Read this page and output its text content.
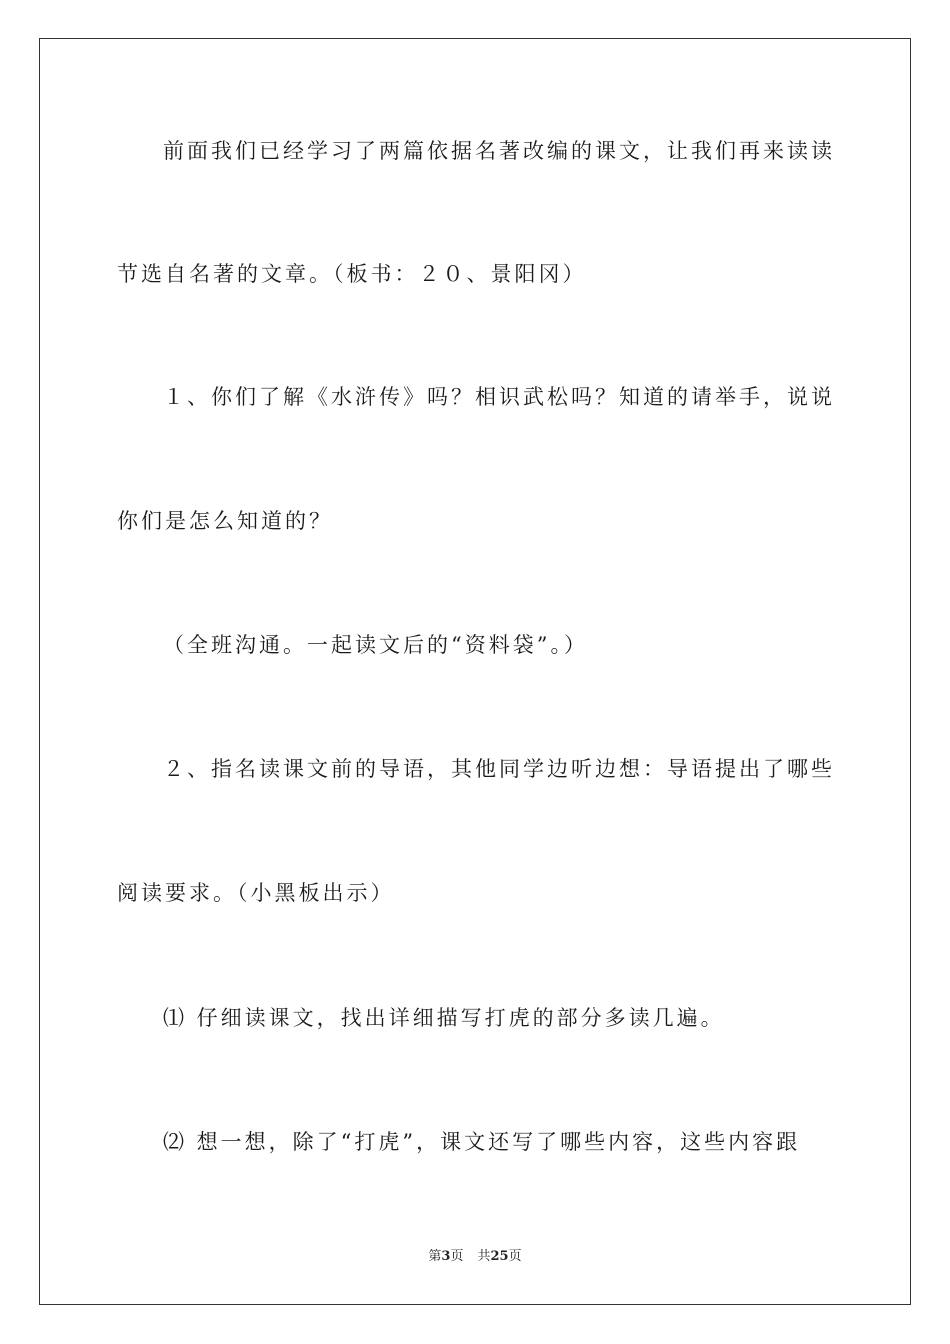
前面我们已经学习了两篇依据名著改编的课文，让我们再来读读
节选自名著的文章。（板书：２０、景阳冈）
１、你们了解《水浒传》吗？相识武松吗？知道的请举手，说说
你们是怎么知道的？
（全班沟通。一起读文后的“资料袋”。）
２、指名读课文前的导语，其他同学边听边想：导语提出了哪些
阅读要求。（小黑板出示）
⑴ 仔细读课文，找出详细描写打虎的部分多读几遍。
⑵ 想一想，除了“打虎”，课文还写了哪些内容，这些内容跟
第3页 共25页
